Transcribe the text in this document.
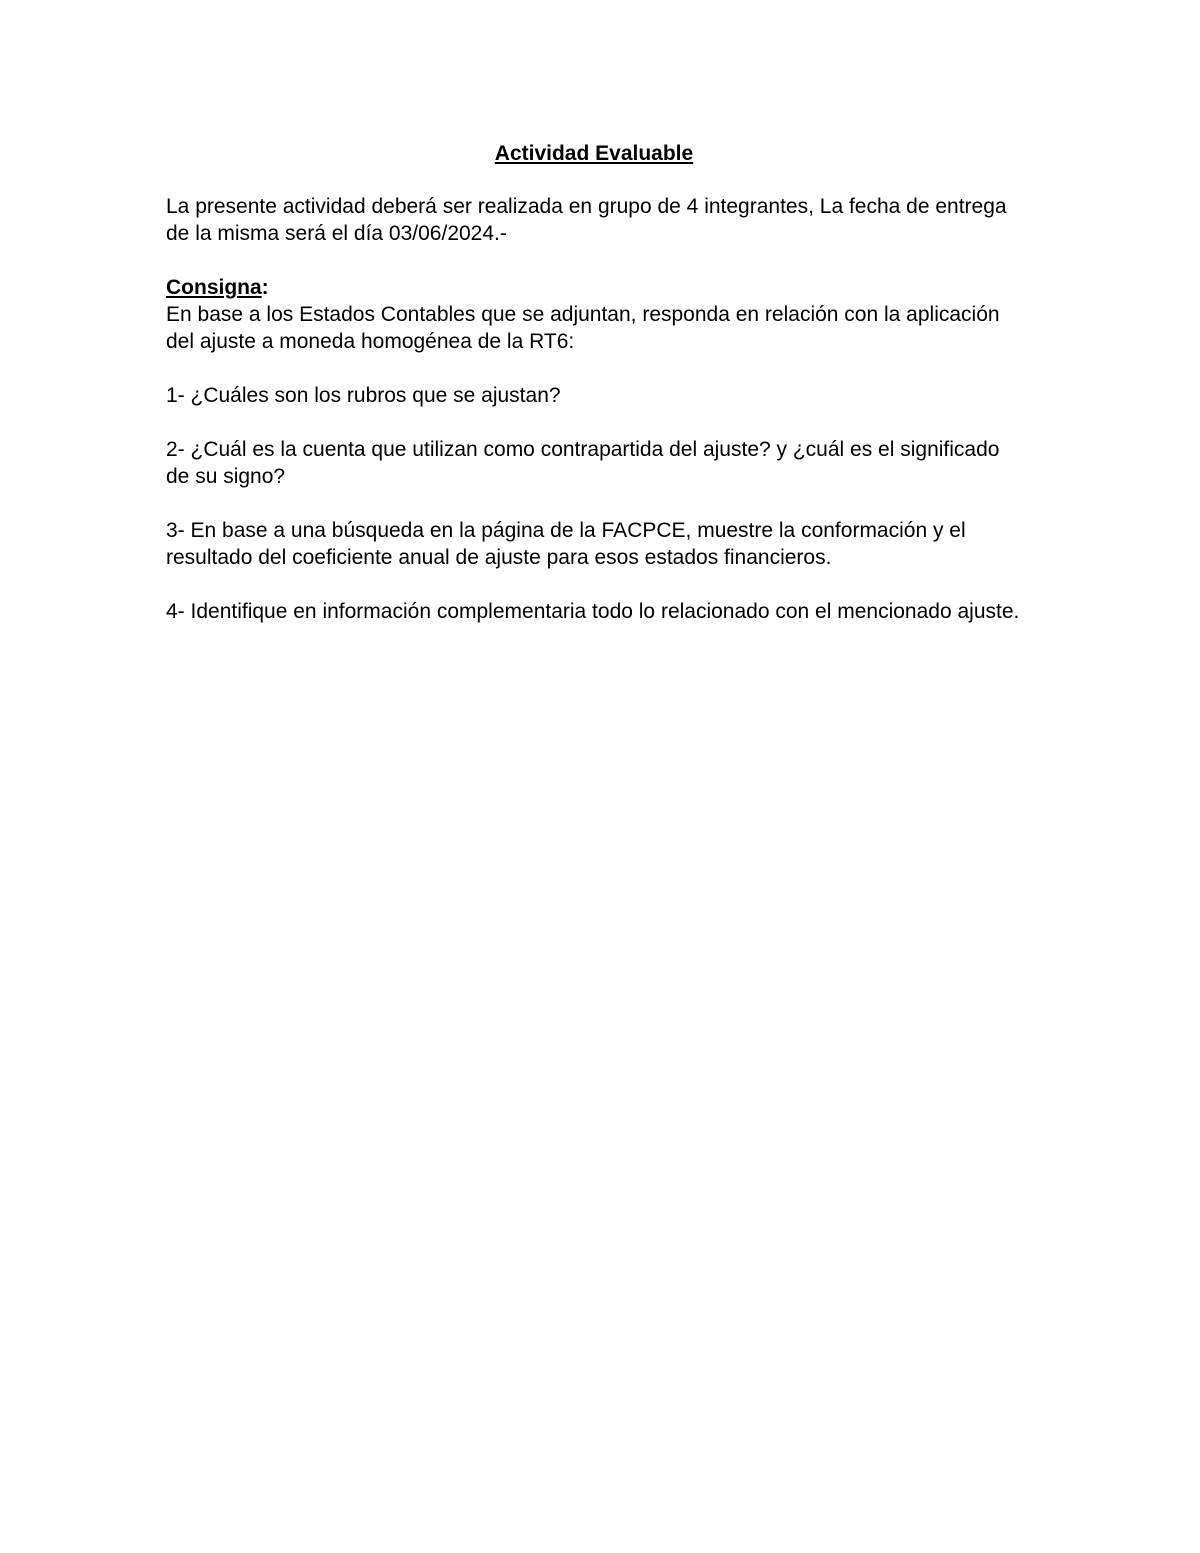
Actividad Evaluable

La presente actividad deberá ser realizada en grupo de 4 integrantes, La fecha de entrega de la misma será el día 03/06/2024.-

Consigna:

En base a los Estados Contables que se adjuntan, responda en relación con la aplicación del ajuste a moneda homogénea de la RT6:

1- ¿Cuáles son los rubros que se ajustan?

2- ¿Cuál es la cuenta que utilizan como contrapartida del ajuste? y ¿cuál es el significado de su signo?

3- En base a una búsqueda en la página de la FACPCE, muestre la conformación y el resultado del coeficiente anual de ajuste para esos estados financieros.

4- Identifique en información complementaria todo lo relacionado con el mencionado ajuste.
